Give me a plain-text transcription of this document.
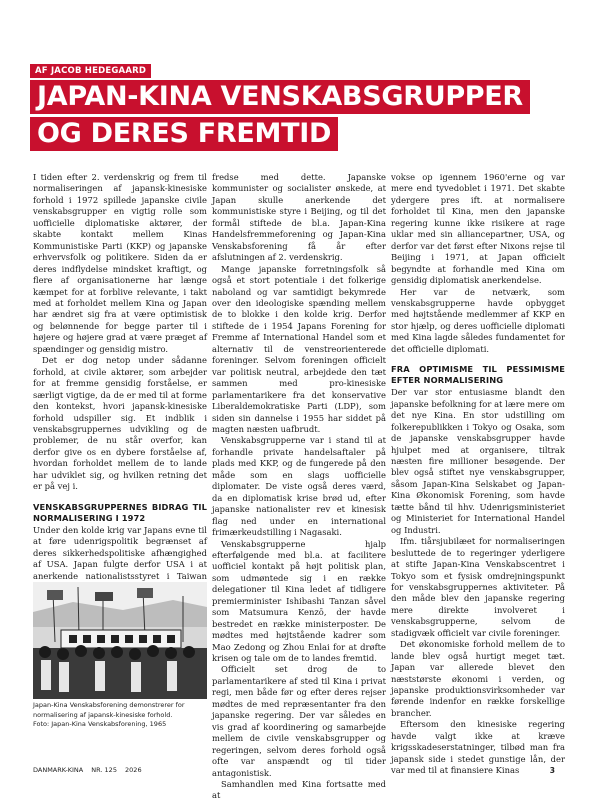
AF JACOB HEDEGAARD
JAPAN-KINA VENSKABSGRUPPER
OG DERES FREMTID

I tiden efter 2. verdenskrig og frem til normaliseringen af japansk-kinesiske forhold i 1972 spillede japanske civile venskabsgrupper en vigtig rolle som uofficielle diplomatiske aktører, der skabte kontakt mellem Kinas Kommunistiske Parti (KKP) og japanske erhvervsfolk og politikere. Siden da er deres indflydelse mindsket kraftigt, og flere af organisationerne har længe kæmpet for at forblive relevante, i takt med at forholdet mellem Kina og Japan har ændret sig fra at være optimistisk og belønnende for begge parter til i højere og højere grad at være præget af spændinger og gensidig mistro.

Det er dog netop under sådanne forhold, at civile aktører, som arbejder for at fremme gensidig forståelse, er særligt vigtige, da de er med til at forme den kontekst, hvori japansk-kinesiske forhold udspiller sig. Et indblik i venskabsgruppernes udvikling og de problemer, de nu står overfor, kan derfor give os en dybere forståelse af, hvordan forholdet mellem de to lande har udviklet sig, og hvilken retning det er på vej i.

VENSKABSGRUPPERNES BIDRAG TIL NORMALISERING I 1972

Under den kolde krig var Japans evne til at føre udenrigspolitik begrænset af deres sikkerhedspolitiske afhængighed af USA. Japan fulgte derfor USA i at anerkende nationalistsstyret i Taiwan

Japan-Kina Venskabsforening demonstrerer for normalisering af japansk-kinesiske forhold.
Foto: Japan-Kina Venskabsforening, 1965

fredse med dette. Japanske kommunister og socialister ønskede, at Japan skulle anerkende det kommunistiske styre i Beijing, og til det formål stiftede de bl.a. Japan-Kina Handelsfremmeforening og Japan-Kina Venskabsforening få år efter afslutningen af 2. verdenskrig.

Mange japanske forretningsfolk så også et stort potentiale i det folkerige naboland og var samtidigt bekymrede over den ideologiske spænding mellem de to blokke i den kolde krig. Derfor stiftede de i 1954 Japans Forening for Fremme af International Handel som et alternativ til de venstreorienterede foreninger. Selvom foreningen officielt var politisk neutral, arbejdede den tæt sammen med pro-kinesiske parlamentarikere fra det konservative Liberaldemokratiske Parti (LDP), som siden sin dannelse i 1955 har siddet på magten næsten uafbrudt.

Venskabsgrupperne var i stand til at forhandle private handelsaftaler på plads med KKP, og de fungerede på den måde som en slags uofficielle diplomater. De viste også deres værd, da en diplomatisk krise brød ud, efter japanske nationalister rev et kinesisk flag ned under en international frimærkeudstilling i Nagasaki.

Venskabsgrupperne hjalp efterfølgende med bl.a. at facilitere uofficiel kontakt på højt politisk plan, som udmøntede sig i en række delegationer til Kina ledet af tidligere premierminister Ishibashi Tanzan såvel som Matsumura Kenzō, der havde bestredet en række ministerposter. De mødtes med højtstående kadrer som Mao Zedong og Zhou Enlai for at drøfte krisen og tale om de to landes fremtid.

Officielt set drog de to parlamentarikere af sted til Kina i privat regi, men både før og efter deres rejser mødtes de med repræsentanter fra den japanske regering. Der var således en vis grad af koordinering og samarbejde mellem de civile venskabsgrupper og regeringen, selvom deres forhold også ofte var anspændt og til tider antagonistisk.

Samhandlen med Kina fortsatte med at

vokse op igennem 1960'erne og var mere end tyvedoblet i 1971. Det skabte ydergere pres ift. at normalisere forholdet til Kina, men den japanske regering kunne ikke risikere at rage uklar med sin alliancepartner, USA, og derfor var det først efter Nixons rejse til Beijing i 1971, at Japan officielt begyndte at forhandle med Kina om gensidig diplomatisk anerkendelse.

Her var de netværk, som venskabsgrupperne havde opbygget med højtstående medlemmer af KKP en stor hjælp, og deres uofficielle diplomati med Kina lagde således fundamentet for det officielle diplomati.

FRA OPTIMISME TIL PESSIMISME EFTER NORMALISERING

Der var stor entusiasme blandt den japanske befolkning for at lære mere om det nye Kina. En stor udstilling om folkerepublikken i Tokyo og Osaka, som de japanske venskabsgrupper havde hjulpet med at organisere, tiltrak næsten fire millioner besøgende. Der blev også stiftet nye venskabsgrupper, såsom Japan-Kina Selskabet og Japan-Kina Økonomisk Forening, som havde tætte bånd til hhv. Udenrigsministeriet og Ministeriet for International Handel og Industri.

Ifm. tiårsjubilæet for normaliseringen besluttede de to regeringer yderligere at stifte Japan-Kina Venskabscentret i Tokyo som et fysisk omdrejningspunkt for venskabsgruppernes aktiviteter. På den måde blev den japanske regering mere direkte involveret i venskabsgrupperne, selvom de stadigvæk officielt var civile foreninger.

Det økonomiske forhold mellem de to lande blev også hurtigt meget tæt. Japan var allerede blevet den næststørste økonomi i verden, og japanske produktionsvirksomheder var førende indenfor en række forskellige brancher.

Eftersom den kinesiske regering havde valgt ikke at kræve krigsskadeserstatninger, tilbød man fra japansk side i stedet gunstige lån, der var med til at finansiere Kinas

DANMARK-KINA NR. 125 2026	3
